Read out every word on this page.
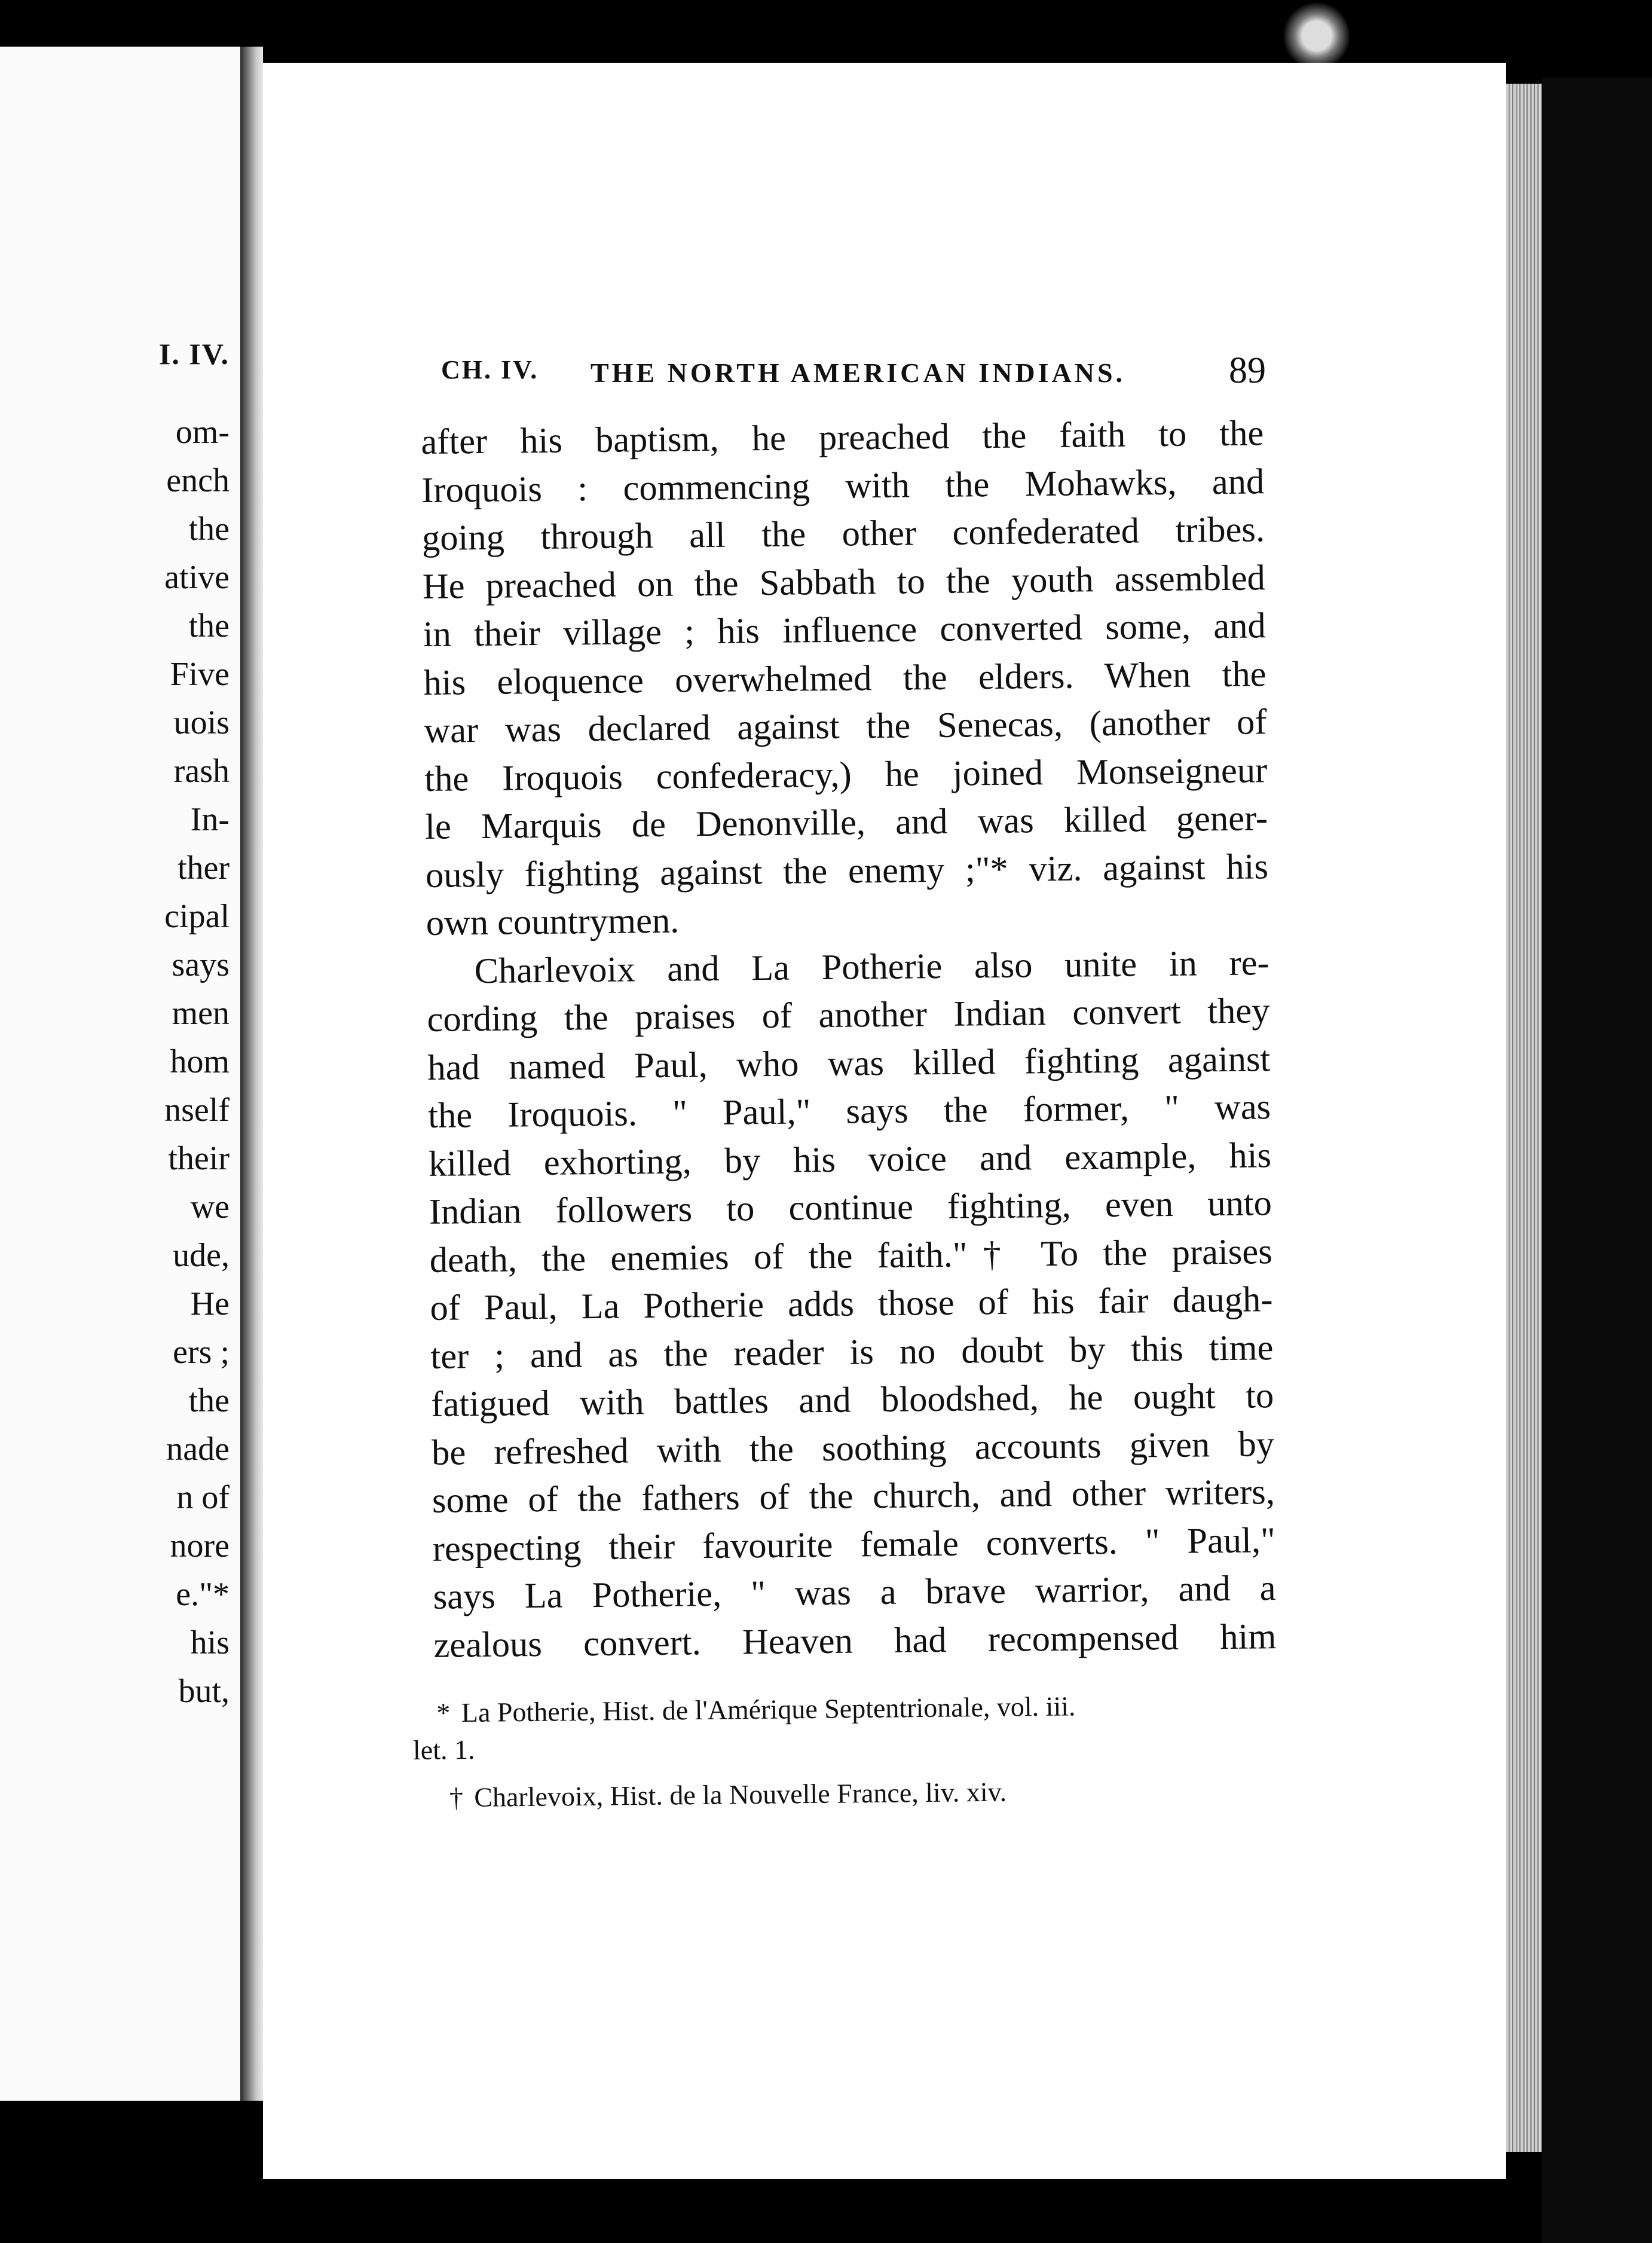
I. IV.
om-
ench
the
ative
the
Five
uois
rash
In-
ther
cipal
says
men
hom
nself
their
we
ude,
He
ers ;
the
nade
n of
nore
e."*
his
but,
CH. IV. THE NORTH AMERICAN INDIANS.	89

after his baptism, he preached the faith to the

Iroquois : commencing with the Mohawks, and

going through all the other confederated tribes.

He preached on the Sabbath to the youth assembled

in their village ; his influence converted some, and

his eloquence overwhelmed the elders. When the

war was declared against the Senecas, (another of

the Iroquois confederacy,) he joined Monseigneur

le Marquis de Denonville, and was killed gener-

ously fighting against the enemy ;"* viz. against his

own countrymen.

Charlevoix and La Potherie also unite in re-

cording the praises of another Indian convert they

had named Paul, who was killed fighting against

the Iroquois. " Paul," says the former, " was

killed exhorting, by his voice and example, his

Indian followers to continue fighting, even unto

death, the enemies of the faith."† To the praises

of Paul, La Potherie adds those of his fair daugh-

ter ; and as the reader is no doubt by this time

fatigued with battles and bloodshed, he ought to

be refreshed with the soothing accounts given by

some of the fathers of the church, and other writers,

respecting their favourite female converts. " Paul,"

says La Potherie, " was a brave warrior, and a

zealous convert. Heaven had recompensed him

* La Potherie, Hist. de l'Amérique Septentrionale, vol. iii.
let. 1.
† Charlevoix, Hist. de la Nouvelle France, liv. xiv.
